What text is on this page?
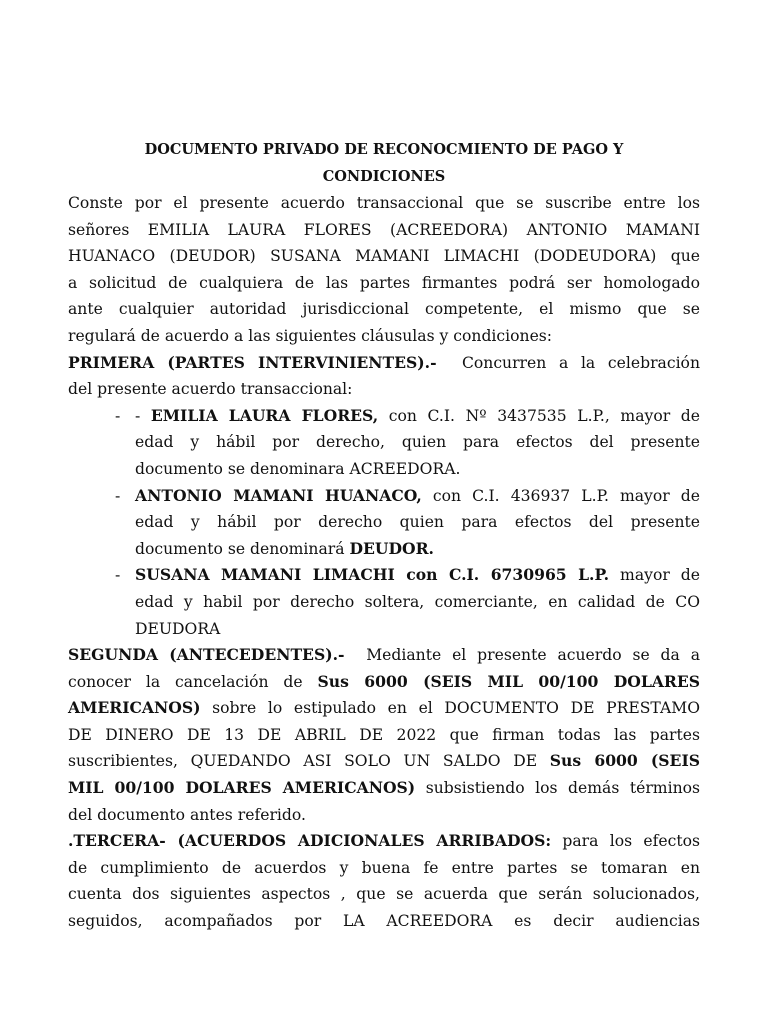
DOCUMENTO PRIVADO DE RECONOCMIENTO DE PAGO Y
CONDICIONES

Conste por el presente acuerdo transaccional que se suscribe entre los

señores EMILIA LAURA FLORES (ACREEDORA) ANTONIO MAMANI

HUANACO (DEUDOR) SUSANA MAMANI LIMACHI (DODEUDORA) que

a solicitud de cualquiera de las partes firmantes podrá ser homologado

ante cualquier autoridad jurisdiccional competente, el mismo que se

regulará de acuerdo a las siguientes cláusulas y condiciones:

PRIMERA (PARTES INTERVINIENTES).- Concurren a la celebración

del presente acuerdo transaccional:

- - EMILIA LAURA FLORES, con C.I. Nº 3437535 L.P., mayor de

edad y hábil por derecho, quien para efectos del presente

documento se denominara ACREEDORA.

- ANTONIO MAMANI HUANACO, con C.I. 436937 L.P. mayor de

edad y hábil por derecho quien para efectos del presente

documento se denominará DEUDOR.

- SUSANA MAMANI LIMACHI con C.I. 6730965 L.P. mayor de

edad y habil por derecho soltera, comerciante, en calidad de CO

DEUDORA

SEGUNDA (ANTECEDENTES).- Mediante el presente acuerdo se da a

conocer la cancelación de Sus 6000 (SEIS MIL 00/100 DOLARES

AMERICANOS) sobre lo estipulado en el DOCUMENTO DE PRESTAMO

DE DINERO DE 13 DE ABRIL DE 2022 que firman todas las partes

suscribientes, QUEDANDO ASI SOLO UN SALDO DE Sus 6000 (SEIS

MIL 00/100 DOLARES AMERICANOS) subsistiendo los demás términos

del documento antes referido.

.TERCERA- (ACUERDOS ADICIONALES ARRIBADOS: para los efectos

de cumplimiento de acuerdos y buena fe entre partes se tomaran en

cuenta dos siguientes aspectos , que se acuerda que serán solucionados,

seguidos, acompañados por LA ACREEDORA es decir audiencias
